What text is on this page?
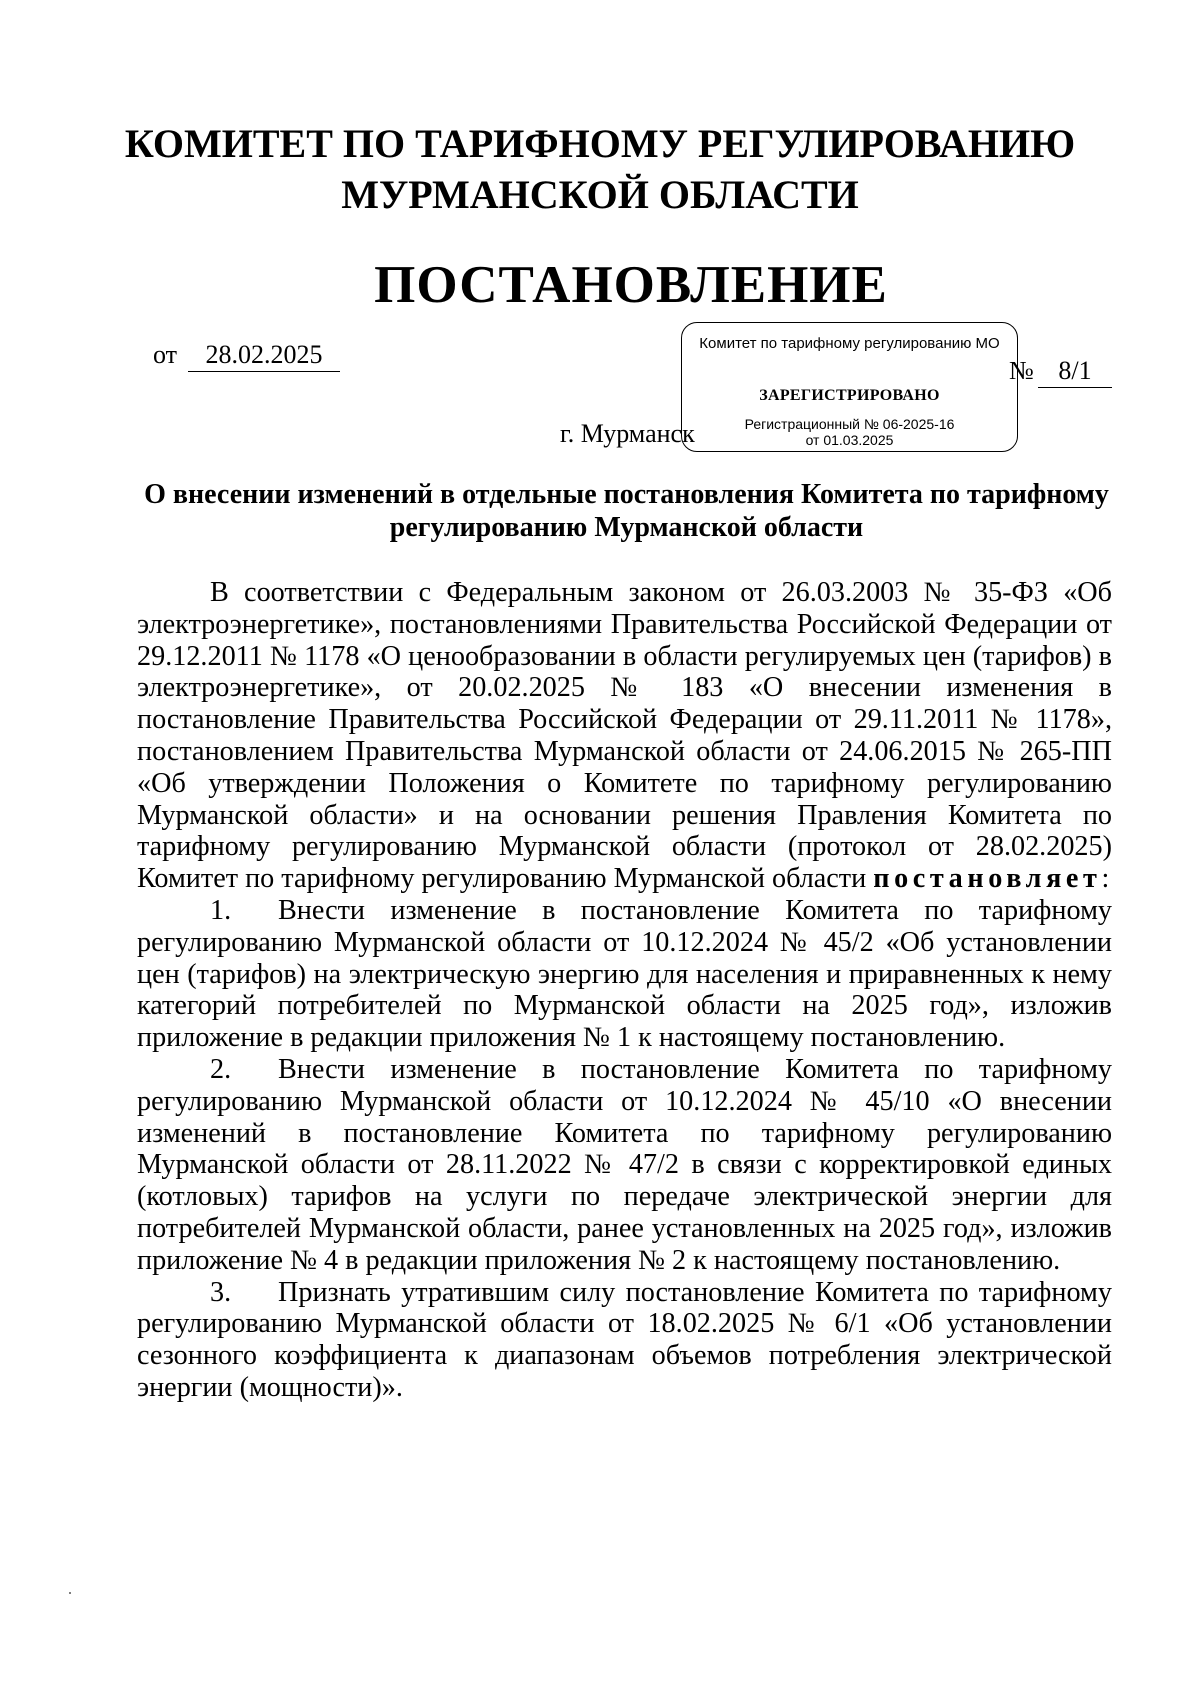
КОМИТЕТ ПО ТАРИФНОМУ РЕГУЛИРОВАНИЮ
МУРМАНСКОЙ ОБЛАСТИ
ПОСТАНОВЛЕНИЕ
от	28.02.2025
№ 8/1
г. Мурманск
Комитет по тарифному регулированию МО
ЗАРЕГИСТРИРОВАНО
Регистрационный № 06-2025-16
от 01.03.2025
О внесении изменений в отдельные постановления Комитета по тарифному регулированию Мурманской области

В соответствии с Федеральным законом от 26.03.2003 № 35-ФЗ «Об электроэнергетике», постановлениями Правительства Российской Федерации от 29.12.2011 № 1178 «О ценообразовании в области регулируемых цен (тарифов) в электроэнергетике», от 20.02.2025 № 183 «О внесении изменения в постановление Правительства Российской Федерации от 29.11.2011 № 1178», постановлением Правительства Мурманской области от 24.06.2015 № 265-ПП «Об утверждении Положения о Комитете по тарифному регулированию Мурманской области» и на основании решения Правления Комитета по тарифному регулированию Мурманской области (протокол от 28.02.2025) Комитет по тарифному регулированию Мурманской области постановляет:

1. Внести изменение в постановление Комитета по тарифному регулированию Мурманской области от 10.12.2024 № 45/2 «Об установлении цен (тарифов) на электрическую энергию для населения и приравненных к нему категорий потребителей по Мурманской области на 2025 год», изложив приложение в редакции приложения № 1 к настоящему постановлению.

2. Внести изменение в постановление Комитета по тарифному регулированию Мурманской области от 10.12.2024 № 45/10 «О внесении изменений в постановление Комитета по тарифному регулированию Мурманской области от 28.11.2022 № 47/2 в связи с корректировкой единых (котловых) тарифов на услуги по передаче электрической энергии для потребителей Мурманской области, ранее установленных на 2025 год», изложив приложение № 4 в редакции приложения № 2 к настоящему постановлению.

3. Признать утратившим силу постановление Комитета по тарифному регулированию Мурманской области от 18.02.2025 № 6/1 «Об установлении сезонного коэффициента к диапазонам объемов потребления электрической энергии (мощности)».
